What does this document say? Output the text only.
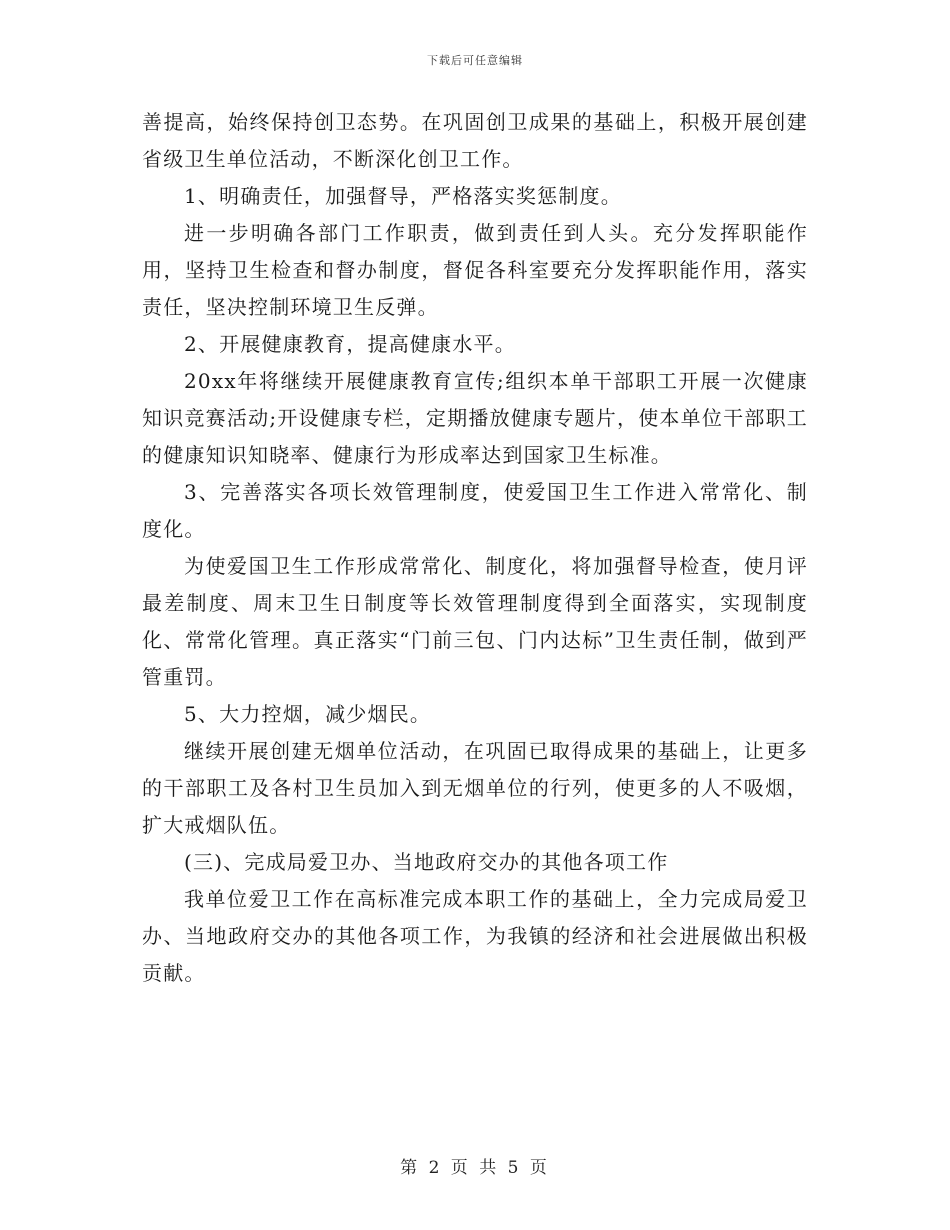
下载后可任意编辑

善提高，始终保持创卫态势。在巩固创卫成果的基础上，积极开展创建省级卫生单位活动，不断深化创卫工作。

1、明确责任，加强督导，严格落实奖惩制度。

进一步明确各部门工作职责，做到责任到人头。充分发挥职能作用，坚持卫生检查和督办制度，督促各科室要充分发挥职能作用，落实责任，坚决控制环境卫生反弹。

2、开展健康教育，提高健康水平。

20xx年将继续开展健康教育宣传;组织本单干部职工开展一次健康知识竞赛活动;开设健康专栏，定期播放健康专题片，使本单位干部职工的健康知识知晓率、健康行为形成率达到国家卫生标准。

3、完善落实各项长效管理制度，使爱国卫生工作进入常常化、制度化。

为使爱国卫生工作形成常常化、制度化，将加强督导检查，使月评最差制度、周末卫生日制度等长效管理制度得到全面落实，实现制度化、常常化管理。真正落实“门前三包、门内达标”卫生责任制，做到严管重罚。

5、大力控烟，减少烟民。

继续开展创建无烟单位活动，在巩固已取得成果的基础上，让更多的干部职工及各村卫生员加入到无烟单位的行列，使更多的人不吸烟，扩大戒烟队伍。

(三)、完成局爱卫办、当地政府交办的其他各项工作

我单位爱卫工作在高标准完成本职工作的基础上，全力完成局爱卫办、当地政府交办的其他各项工作，为我镇的经济和社会进展做出积极贡献。

第 2 页 共 5 页
